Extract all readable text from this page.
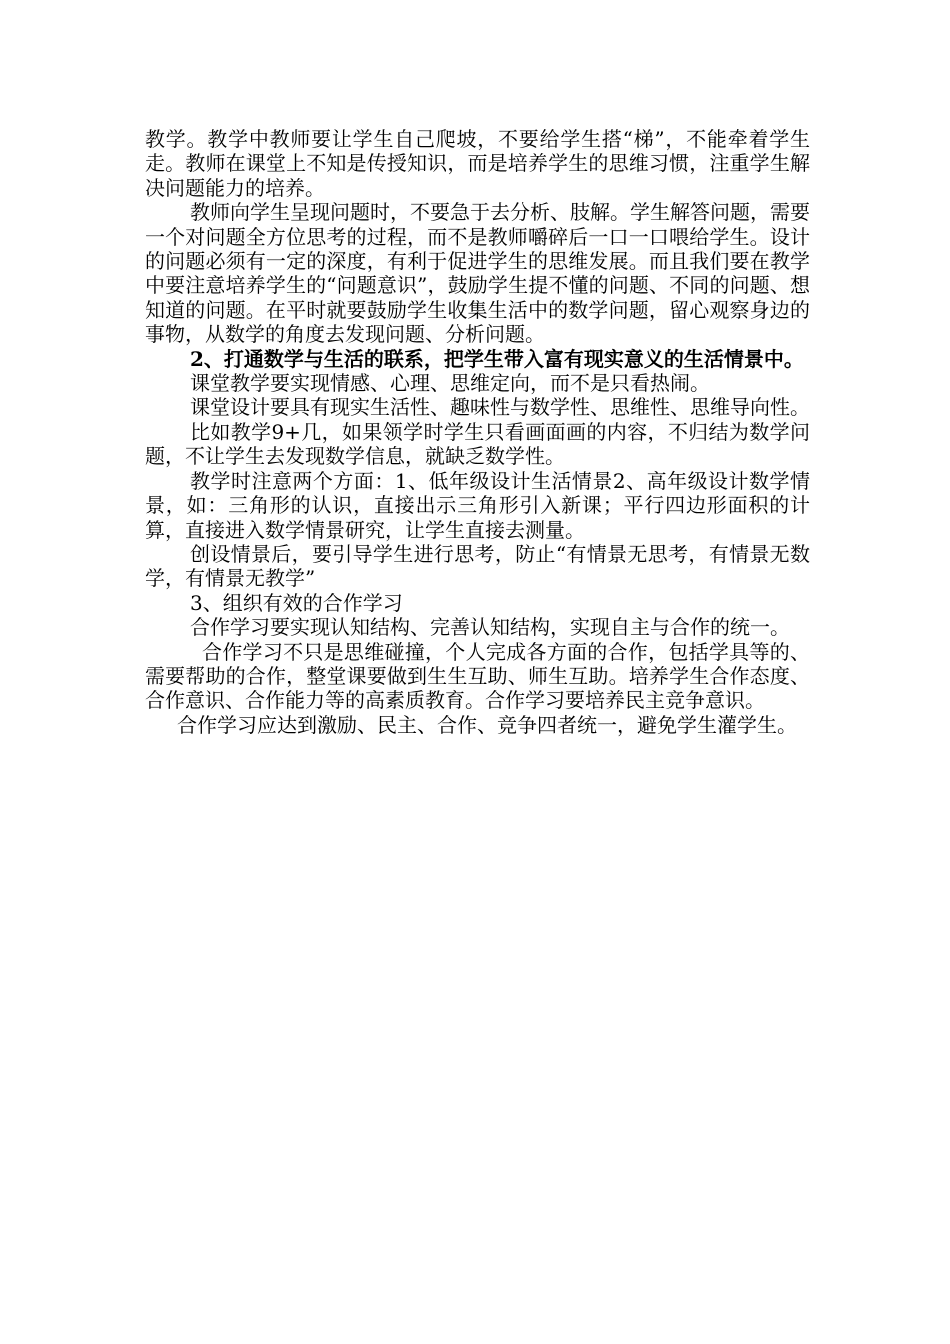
教学。教学中教师要让学生自己爬坡，不要给学生搭“梯”，不能牵着学生走。教师在课堂上不知是传授知识，而是培养学生的思维习惯，注重学生解决问题能力的培养。

教师向学生呈现问题时，不要急于去分析、肢解。学生解答问题，需要一个对问题全方位思考的过程，而不是教师嚼碎后一口一口喂给学生。设计的问题必须有一定的深度，有利于促进学生的思维发展。而且我们要在教学中要注意培养学生的“问题意识”，鼓励学生提不懂的问题、不同的问题、想知道的问题。在平时就要鼓励学生收集生活中的数学问题，留心观察身边的事物，从数学的角度去发现问题、分析问题。

2、打通数学与生活的联系，把学生带入富有现实意义的生活情景中。

课堂教学要实现情感、心理、思维定向，而不是只看热闹。

课堂设计要具有现实生活性、趣味性与数学性、思维性、思维导向性。

比如教学9+几，如果领学时学生只看画面画的内容，不归结为数学问题，不让学生去发现数学信息，就缺乏数学性。

教学时注意两个方面：1、低年级设计生活情景2、高年级设计数学情景，如：三角形的认识，直接出示三角形引入新课；平行四边形面积的计算，直接进入数学情景研究，让学生直接去测量。

创设情景后，要引导学生进行思考，防止“有情景无思考，有情景无数学，有情景无教学”

3、组织有效的合作学习

合作学习要实现认知结构、完善认知结构，实现自主与合作的统一。

合作学习不只是思维碰撞，个人完成各方面的合作，包括学具等的、需要帮助的合作，整堂课要做到生生互助、师生互助。培养学生合作态度、合作意识、合作能力等的高素质教育。合作学习要培养民主竞争意识。

合作学习应达到激励、民主、合作、竞争四者统一，避免学生灌学生。
